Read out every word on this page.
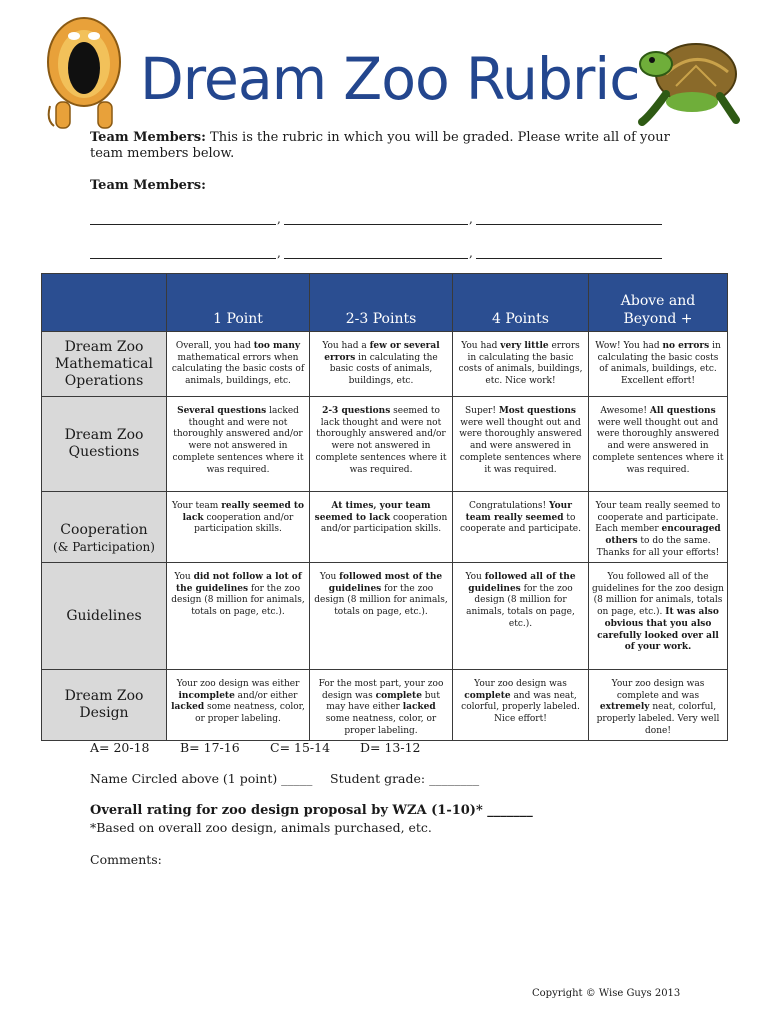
Dream Zoo Rubric
Team Members: This is the rubric in which you will be graded. Please write all of your team members below.
Team Members:
,	,
,	,
	1 Point	2-3 Points	4 Points	Above and Beyond +

Dream Zoo Mathematical Operations	Overall, you had too many mathematical errors when calculating the basic costs of animals, buildings, etc.	You had a few or several errors in calculating the basic costs of animals, buildings, etc.	You had very little errors in calculating the basic costs of animals, buildings, etc. Nice work!	Wow! You had no errors in calculating the basic costs of animals, buildings, etc. Excellent effort!

Dream Zoo Questions	Several questions lacked thought and were not thoroughly answered and/or were not answered in complete sentences where it was required.	2-3 questions seemed to lack thought and were not thoroughly answered and/or were not answered in complete sentences where it was required.	Super! Most questions were well thought out and were thoroughly answered and were answered in complete sentences where it was required.	Awesome! All questions were well thought out and were thoroughly answered and were answered in complete sentences where it was required.

Cooperation
(& Participation)	Your team really seemed to lack cooperation and/or participation skills.	At times, your team seemed to lack cooperation and/or participation skills.	Congratulations! Your team really seemed to cooperate and participate.	Your team really seemed to cooperate and participate. Each member encouraged others to do the same. Thanks for all your efforts!

Guidelines	You did not follow a lot of the guidelines for the zoo design (8 million for animals, totals on page, etc.).	You followed most of the guidelines for the zoo design (8 million for animals, totals on page, etc.).	You followed all of the guidelines for the zoo design (8 million for animals, totals on page, etc.).	You followed all of the guidelines for the zoo design (8 million for animals, totals on page, etc.). It was also obvious that you also carefully looked over all of your work.

Dream Zoo Design	Your zoo design was either incomplete and/or either lacked some neatness, color, or proper labeling.	For the most part, your zoo design was complete but may have either lacked some neatness, color, or proper labeling.	Your zoo design was complete and was neat, colorful, properly labeled. Nice effort!	Your zoo design was complete and was extremely neat, colorful, properly labeled. Very well done!
A= 20-18 B= 17-16 C= 15-14 D= 13-12
Name Circled above (1 point) _____ Student grade: ________
Overall rating for zoo design proposal by WZA (1-10)* _______
*Based on overall zoo design, animals purchased, etc.
Comments:
Copyright © Wise Guys 2013
